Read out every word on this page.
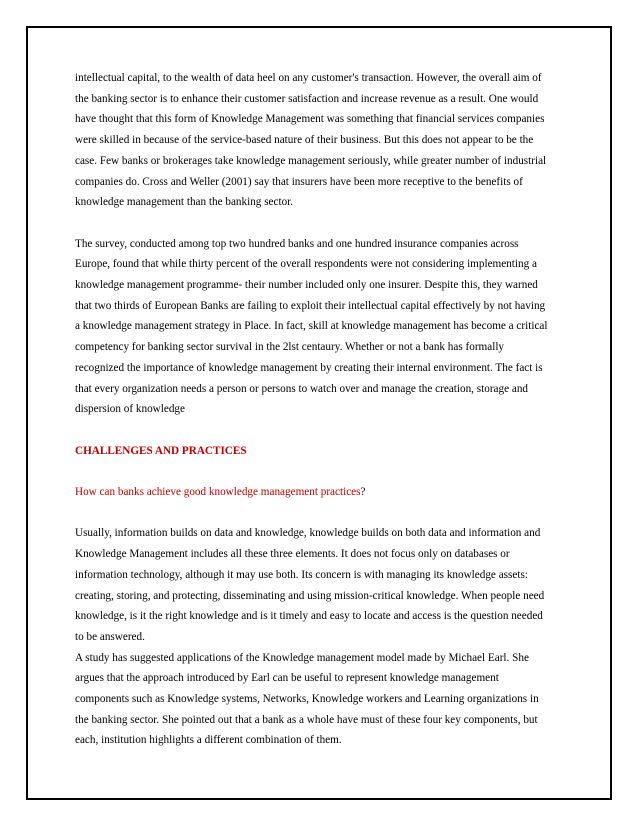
intellectual capital, to the wealth of data heel on any customer's transaction. However, the overall aim of
the banking sector is to enhance their customer satisfaction and increase revenue as a result. One would
have thought that this form of Knowledge Management was something that financial services companies
were skilled in because of the service-based nature of their business. But this does not appear to be the
case. Few banks or brokerages take knowledge management seriously, while greater number of industrial
companies do. Cross and Weller (2001) say that insurers have been more receptive to the benefits of
knowledge management than the banking sector.

The survey, conducted among top two hundred banks and one hundred insurance companies across
Europe, found that while thirty percent of the overall respondents were not considering implementing a
knowledge management programme- their number included only one insurer. Despite this, they warned
that two thirds of European Banks are failing to exploit their intellectual capital effectively by not having
a knowledge management strategy in Place. In fact, skill at knowledge management has become a critical
competency for banking sector survival in the 2lst centaury. Whether or not a bank has formally
recognized the importance of knowledge management by creating their internal environment. The fact is
that every organization needs a person or persons to watch over and manage the creation, storage and
dispersion of knowledge

CHALLENGES AND PRACTICES

How can banks achieve good knowledge management practices?

Usually, information builds on data and knowledge, knowledge builds on both data and information and
Knowledge Management includes all these three elements. It does not focus only on databases or
information technology, although it may use both. Its concern is with managing its knowledge assets:
creating, storing, and protecting, disseminating and using mission-critical knowledge. When people need
knowledge, is it the right knowledge and is it timely and easy to locate and access is the question needed
to be answered.

A study has suggested applications of the Knowledge management model made by Michael Earl. She
argues that the approach introduced by Earl can be useful to represent knowledge management
components such as Knowledge systems, Networks, Knowledge workers and Learning organizations in
the banking sector. She pointed out that a bank as a whole have must of these four key components, but
each, institution highlights a different combination of them.
